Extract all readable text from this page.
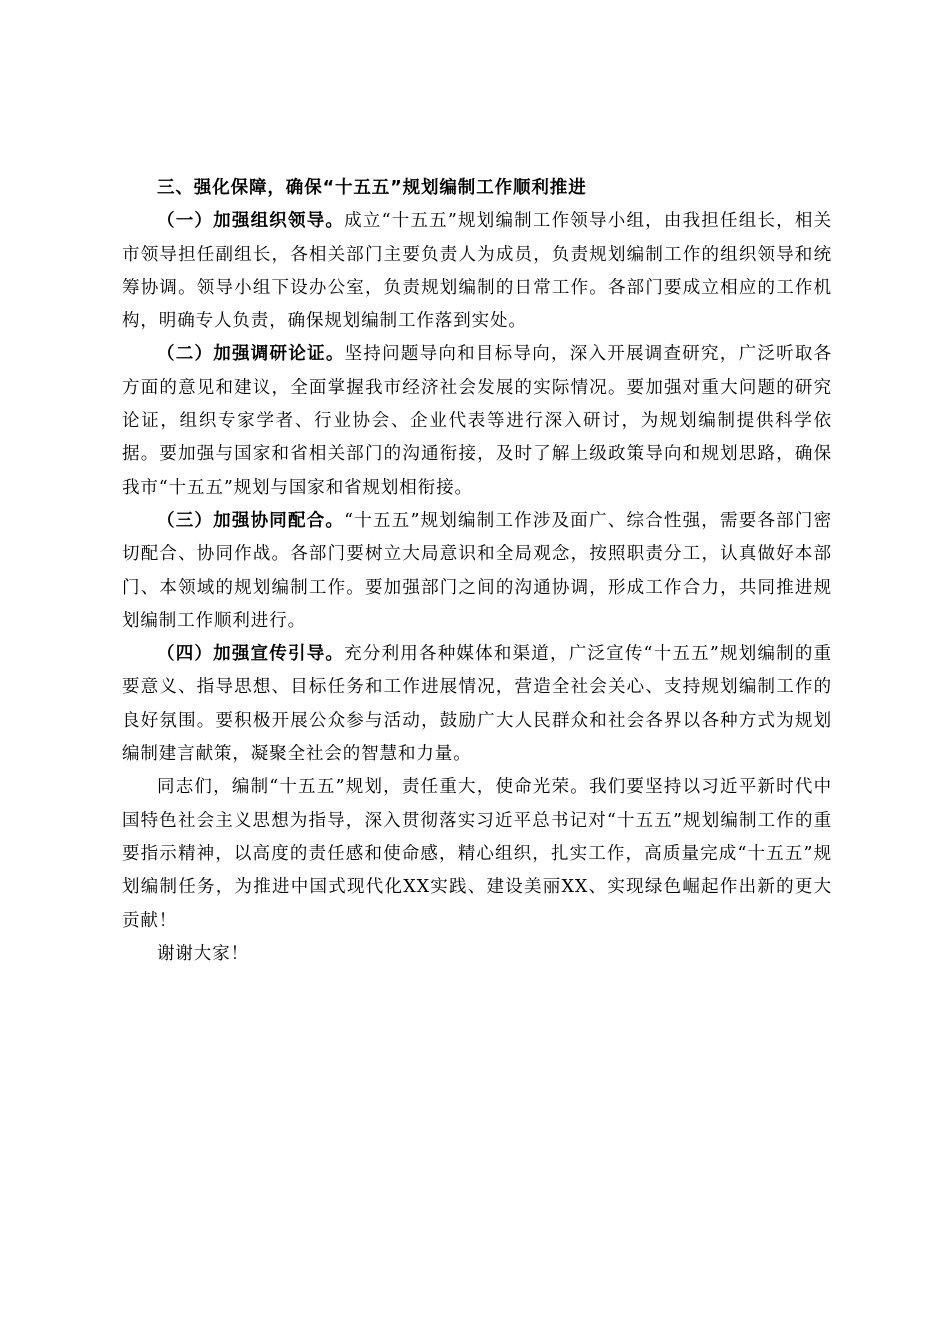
三、强化保障，确保“十五五”规划编制工作顺利推进

（一）加强组织领导。成立“十五五”规划编制工作领导小组，由我担任组长，相关市领导担任副组长，各相关部门主要负责人为成员，负责规划编制工作的组织领导和统筹协调。领导小组下设办公室，负责规划编制的日常工作。各部门要成立相应的工作机构，明确专人负责，确保规划编制工作落到实处。

（二）加强调研论证。坚持问题导向和目标导向，深入开展调查研究，广泛听取各方面的意见和建议，全面掌握我市经济社会发展的实际情况。要加强对重大问题的研究论证，组织专家学者、行业协会、企业代表等进行深入研讨，为规划编制提供科学依据。要加强与国家和省相关部门的沟通衔接，及时了解上级政策导向和规划思路，确保我市“十五五”规划与国家和省规划相衔接。

（三）加强协同配合。“十五五”规划编制工作涉及面广、综合性强，需要各部门密切配合、协同作战。各部门要树立大局意识和全局观念，按照职责分工，认真做好本部门、本领域的规划编制工作。要加强部门之间的沟通协调，形成工作合力，共同推进规划编制工作顺利进行。

（四）加强宣传引导。充分利用各种媒体和渠道，广泛宣传“十五五”规划编制的重要意义、指导思想、目标任务和工作进展情况，营造全社会关心、支持规划编制工作的良好氛围。要积极开展公众参与活动，鼓励广大人民群众和社会各界以各种方式为规划编制建言献策，凝聚全社会的智慧和力量。

同志们，编制“十五五”规划，责任重大，使命光荣。我们要坚持以习近平新时代中国特色社会主义思想为指导，深入贯彻落实习近平总书记对“十五五”规划编制工作的重要指示精神，以高度的责任感和使命感，精心组织，扎实工作，高质量完成“十五五”规划编制任务，为推进中国式现代化XX实践、建设美丽XX、实现绿色崛起作出新的更大贡献！

谢谢大家！
